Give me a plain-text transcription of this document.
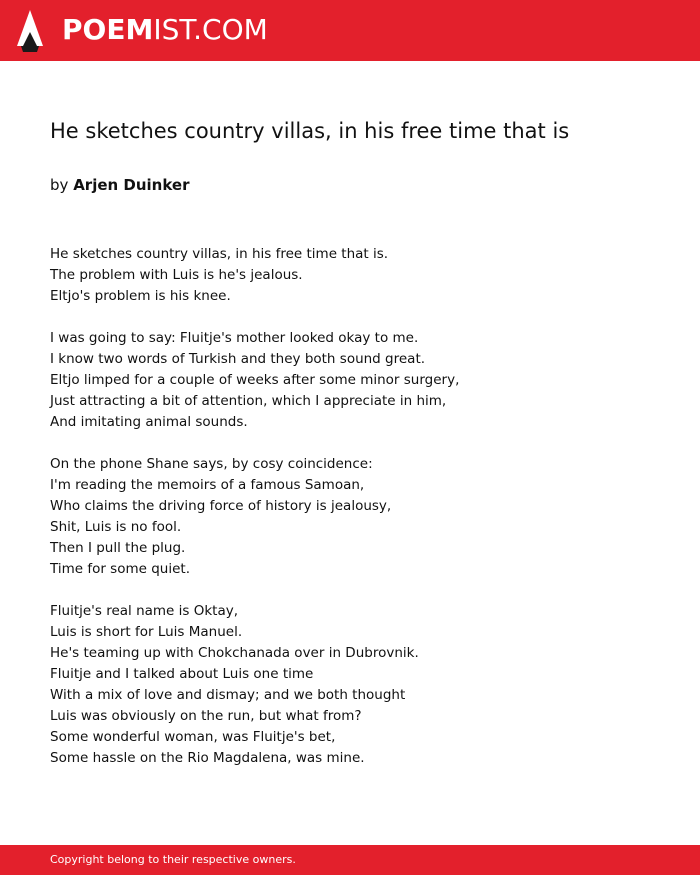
POEMIST.COM
He sketches country villas, in his free time that is
by Arjen Duinker
He sketches country villas, in his free time that is.
The problem with Luis is he's jealous.
Eltjo's problem is his knee.
I was going to say: Fluitje's mother looked okay to me.
I know two words of Turkish and they both sound great.
Eltjo limped for a couple of weeks after some minor surgery,
Just attracting a bit of attention, which I appreciate in him,
And imitating animal sounds.
On the phone Shane says, by cosy coincidence:
I'm reading the memoirs of a famous Samoan,
Who claims the driving force of history is jealousy,
Shit, Luis is no fool.
Then I pull the plug.
Time for some quiet.
Fluitje's real name is Oktay,
Luis is short for Luis Manuel.
He's teaming up with Chokchanada over in Dubrovnik.
Fluitje and I talked about Luis one time
With a mix of love and dismay; and we both thought
Luis was obviously on the run, but what from?
Some wonderful woman, was Fluitje's bet,
Some hassle on the Rio Magdalena, was mine.
Copyright belong to their respective owners.
